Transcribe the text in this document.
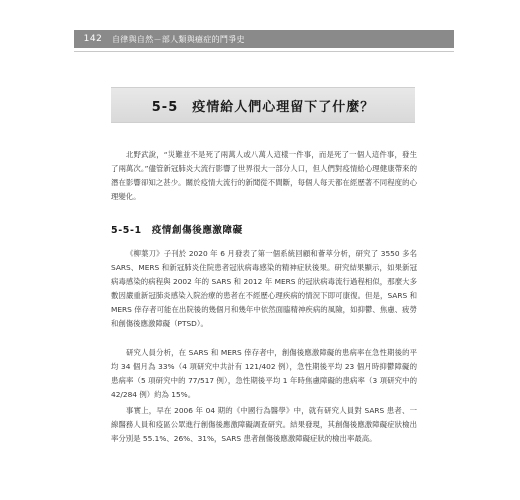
142	自律與自然－部人類與癔症的鬥爭史
5-5　疫情給人們心理留下了什麼？

北野武說，“災難並不是死了兩萬人或八萬人這樣一件事，而是死了一個人這件事，發生了兩萬次。”儘管新冠肺炎大流行影響了世界很大一部分人口，但人們對疫情給心理健康帶來的潛在影響卻知之甚少。關於疫情大流行的新聞從不間斷，每個人每天都在經歷著不同程度的心理變化。

5-5-1　疫情創傷後應激障礙

《柳葉刀》子刊於 2020 年 6 月發表了第一個系統回顧和薈萃分析，研究了 3550 多名 SARS、MERS 和新冠肺炎住院患者冠狀病毒感染的精神症狀後果。研究結果顯示，如果新冠病毒感染的病程與 2002 年的 SARS 和 2012 年 MERS 的冠狀病毒流行過程相似，那麼大多數因嚴重新冠肺炎感染入院治療的患者在不經歷心理疾病的情況下即可康復。但是，SARS 和 MERS 倖存者可能在出院後的幾個月和幾年中依然面臨精神疾病的風險，如抑鬱、焦慮、疲勞和創傷後應激障礙（PTSD）。

研究人員分析，在 SARS 和 MERS 倖存者中，創傷後應激障礙的患病率在急性期後的平均 34 個月為 33%（4 項研究中共計有 121/402 例），急性期後平均 23 個月時抑鬱障礙的患病率（5 項研究中的 77/517 例），急性期後平均 1 年時焦慮障礙的患病率（3 項研究中的 42/284 例）約為 15%。

事實上，早在 2006 年 04 期的《中國行為醫學》中，就有研究人員對 SARS 患者、一線醫務人員和疫區公眾進行創傷後應激障礙調查研究。結果發現，其創傷後應激障礙症狀檢出率分別是 55.1%、26%、31%，SARS 患者創傷後應激障礙症狀的檢出率最高。
